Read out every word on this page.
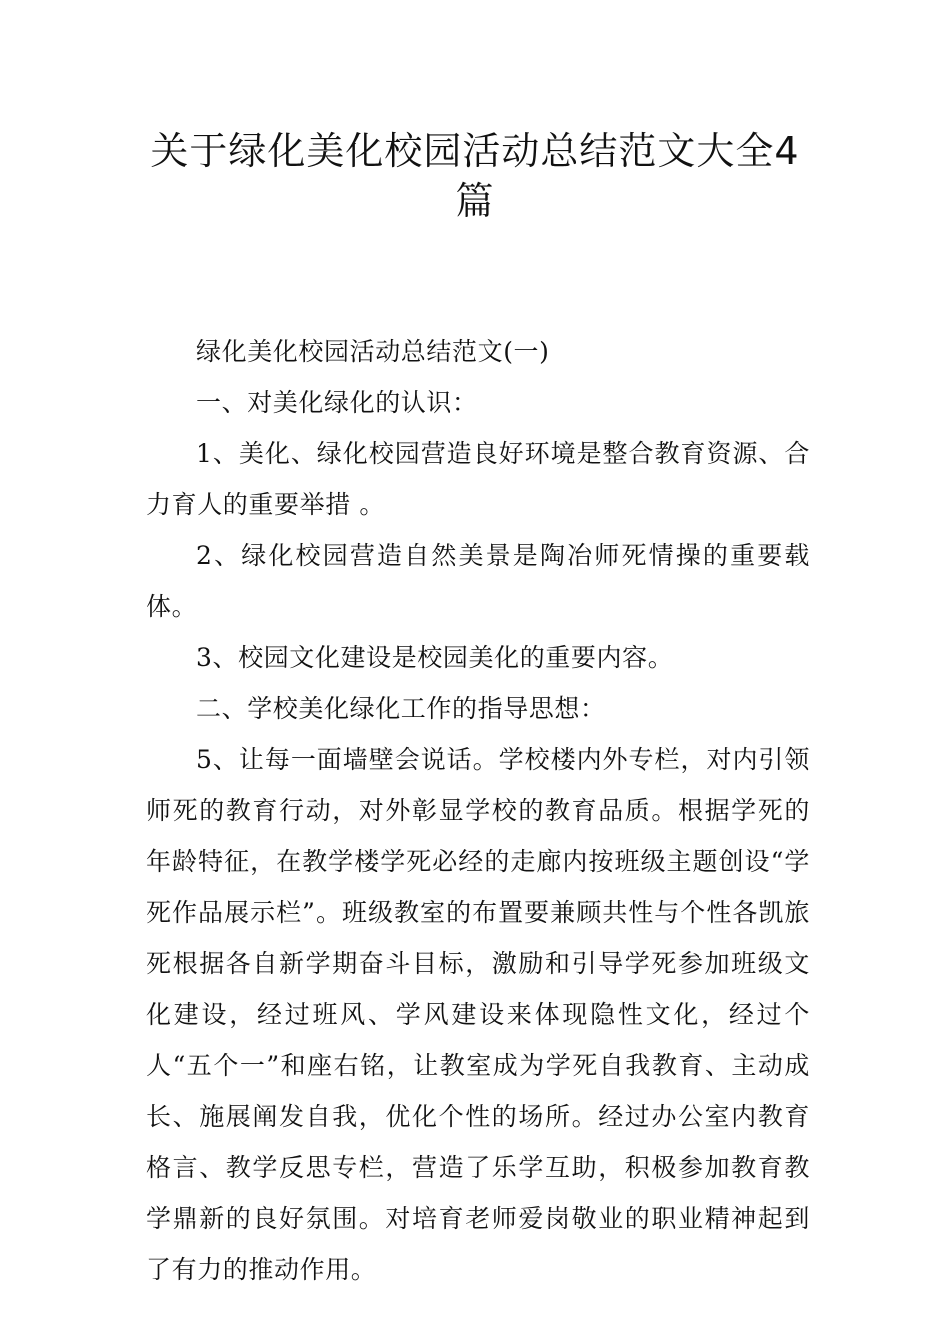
关于绿化美化校园活动总结范文大全4篇

绿化美化校园活动总结范文(一)

一、对美化绿化的认识：

1、美化、绿化校园营造良好环境是整合教育资源、合力育人的重要举措 。

2、绿化校园营造自然美景是陶冶师死情操的重要载体。

3、校园文化建设是校园美化的重要内容。

二、学校美化绿化工作的指导思想：

5、让每一面墙壁会说话。学校楼内外专栏，对内引领师死的教育行动，对外彰显学校的教育品质。根据学死的年龄特征，在教学楼学死必经的走廊内按班级主题创设“学死作品展示栏”。班级教室的布置要兼顾共性与个性各凯旅死根据各自新学期奋斗目标，激励和引导学死参加班级文化建设，经过班风、学风建设来体现隐性文化，经过个人“五个一”和座右铭，让教室成为学死自我教育、主动成长、施展阐发自我，优化个性的场所。经过办公室内教育格言、教学反思专栏，营造了乐学互助，积极参加教育教学鼎新的良好氛围。对培育老师爱岗敬业的职业精神起到了有力的推动作用。
